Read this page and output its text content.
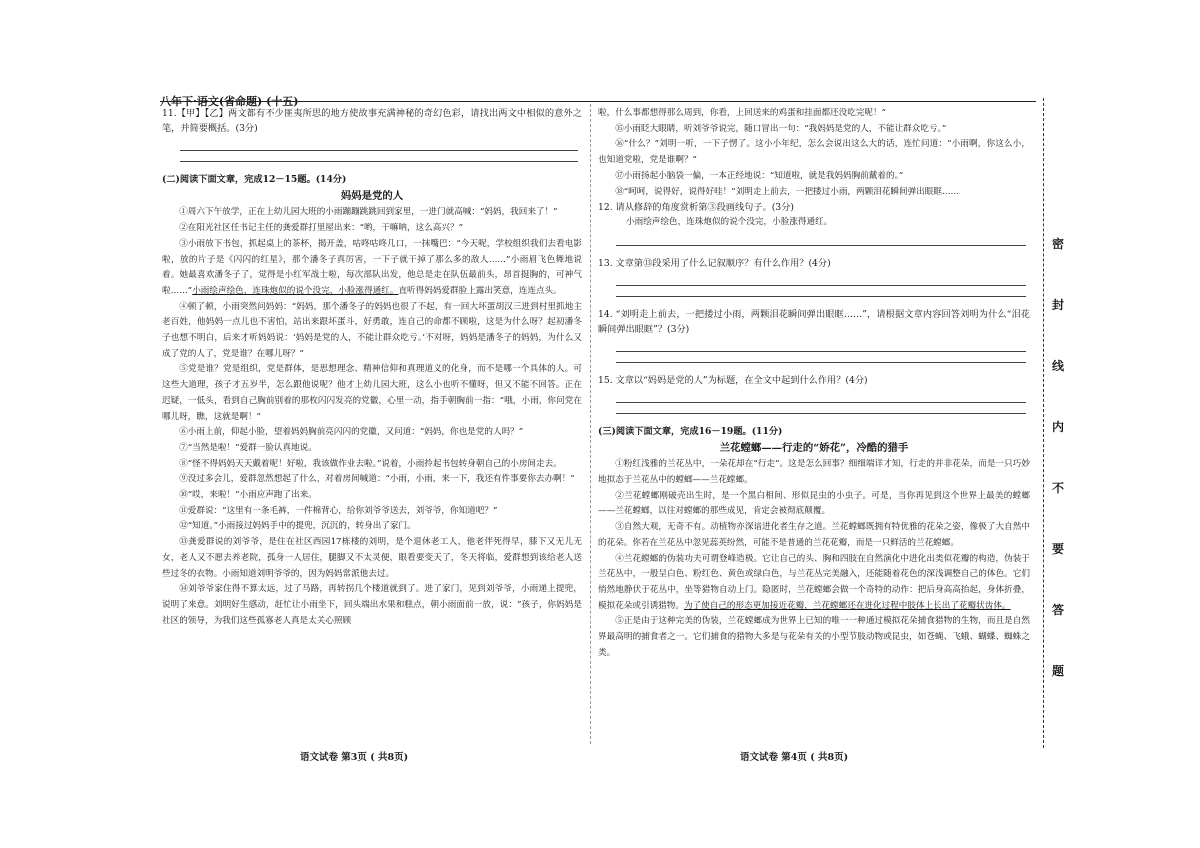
八年下·语文(省命题) (十五)

11.【甲】【乙】两文都有不少匪夷所思的地方使故事充满神秘的奇幻色彩，请找出两文中相似的意外之笔，并简要概括。(3分)

(二)阅读下面文章，完成12－15题。(14分)

妈妈是党的人

①周六下午放学，正在上幼儿园大班的小雨蹦蹦跳跳回到家里，一进门就高喊：“妈妈，我回来了！”

②在阳光社区任书记主任的龚爱群打里屋出来：“哟，干嘛呐，这么高兴？”

③小雨放下书包，抓起桌上的茶杯，揭开盖，咕咚咕咚几口，一抹嘴巴：“今天呢，学校组织我们去看电影啦，放的片子是《闪闪的红星》，那个潘冬子真厉害，一下子就干掉了那么多的敌人……”小雨眉飞色舞地说着。她最喜欢潘冬子了，觉得是小红军战士啦，每次部队出发，他总是走在队伍最前头，昂首挺胸的，可神气啦……”小雨绘声绘色，连珠炮似的说个没完，小脸涨得通红。直听得妈妈爱群脸上露出笑意，连连点头。

④顿了顿，小雨突然问妈妈：“妈妈，那个潘冬子的妈妈也很了不起，有一回大坏蛋胡汉三进到村里抓地主老百姓，他妈妈一点儿也不害怕，站出来跟坏蛋斗，好勇敢，连自己的命都不顾啦，这是为什么呀？起初潘冬子也想不明白，后来才听妈妈说：‘妈妈是党的人，不能让群众吃亏。’不对呀，妈妈是潘冬子的妈妈，为什么又成了党的人了，党是谁？在哪儿呀？”

⑤党是谁？党是组织，党是群体，是思想理念、精神信仰和真理道义的化身，而不是哪一个具体的人。可这些大道理，孩子才五岁半，怎么跟他说呢？他才上幼儿园大班，这么小也听不懂呀，但又不能不回答。正在迟疑，一低头，看到自己胸前别着的那枚闪闪发亮的党徽，心里一动，指手朝胸前一指：“哦，小雨，你问党在哪儿呀，瞧，这就是啊！”

⑥小雨上前，仰起小脸，望着妈妈胸前亮闪闪的党徽，又问道：“妈妈，你也是党的人吗？”

⑦“当然是啦！”爱群一脸认真地说。

⑧“怪不得妈妈天天戴着呢！好啦，我该做作业去啦。”说着，小雨拎起书包转身朝自己的小房间走去。

⑨没过多会儿，爱群忽然想起了什么，对着房间喊道：“小雨，小雨，来一下，我还有件事要你去办啊！”

⑩“哎，来啦！”小雨应声跑了出来。

⑪爱群说：“这里有一条毛裤，一件棉背心，给你刘爷爷送去，刘爷爷，你知道吧？”

⑫“知道。”小雨接过妈妈手中的提兜，沉沉的，转身出了家门。

⑬龚爱群说的刘爷爷，是住在社区西园17栋楼的刘明，是个退休老工人，他老伴死得早，膝下又无儿无女，老人又不愿去养老院，孤身一人居住，腿脚又不太灵便，眼看要变天了，冬天将临，爱群想到该给老人送些过冬的衣物。小雨知道刘明爷爷的，因为妈妈常派他去过。

⑭刘爷爷家住得不算太远，过了马路，再转拐几个楼道就到了。进了家门，见到刘爷爷，小雨递上提兜，说明了来意。刘明好生感动，赶忙让小雨坐下，回头端出水果和糕点，朝小雨面前一放，说：“孩子，你妈妈是社区的领导，为我们这些孤寡老人真是太关心照顾

语文试卷 第3页 ( 共8页)

啦，什么事都想得那么周到，你看，上回送来的鸡蛋和挂面都还没吃完呢！”

⑮小雨眨大眼睛，听刘爷爷说完，随口冒出一句：“我妈妈是党的人，不能让群众吃亏。”

⑯“什么？”刘明一听，一下子愣了。这小小年纪，怎么会说出这么大的话，连忙问道：“小雨啊，你这么小，也知道党啦，党是谁啊？”

⑰小雨扬起小脑袋一偏，一本正经地说：“知道啦，就是我妈妈胸前戴着的。”

⑱“呵呵，说得好，说得好哇！”刘明走上前去，一把搂过小雨，两颗泪花瞬间弹出眼眶……

12. 请从修辞的角度赏析第③段画线句子。(3分)

小雨绘声绘色，连珠炮似的说个没完，小脸涨得通红。

13. 文章第⑬段采用了什么记叙顺序？有什么作用？(4分)

14. “刘明走上前去，一把搂过小雨，两颗泪花瞬间弹出眼眶……”，请根据文章内容回答刘明为什么“泪花瞬间弹出眼眶”？(3分)

15. 文章以“妈妈是党的人”为标题，在全文中起到什么作用？(4分)

(三)阅读下面文章，完成16－19题。(11分)

兰花螳螂——行走的“娇花”，冷酷的猎手

①粉红浅雅的兰花丛中，一朵花却在“行走”。这是怎么回事？细细端详才知，行走的并非花朵，而是一只巧妙地拟态于兰花丛中的螳螂——兰花螳螂。

②兰花螳螂刚破壳出生时，是一个黑白相间、形似昆虫的小虫子。可是，当你再见到这个世界上最美的螳螂——兰花螳螂，以往对螳螂的那些成见，肯定会被彻底颠覆。

③自然大观，无奇不有。动植物亦深谙进化者生存之道。兰花螳螂既拥有特优雅的花朵之姿，像极了大自然中的花朵。你若在兰花丛中忽见蕊英纷然，可能不是普通的兰花花瓣，而是一只鲜活的兰花螳螂。

④兰花螳螂的伪装功夫可谓登峰造极。它让自己的头、胸和四肢在自然演化中进化出类似花瓣的构造，伪装于兰花丛中，一般呈白色、粉红色、黄色或绿白色，与兰花丛完美融入，还能随着花色的深浅调整自己的体色。它们悄然地静伏于花丛中，坐等猎物自动上门。隐匿时，兰花螳螂会做一个奇特的动作：把后身高高抬起，身体折叠，模拟花朵或引诱猎物。为了使自己的形态更加接近花瓣，兰花螳螂还在进化过程中肢体上长出了花瓣状齿体。

⑤正是由于这种完美的伪装，兰花螳螂成为世界上已知的唯一一种通过模拟花朵捕食猎物的生物，而且是自然界最高明的捕食者之一。它们捕食的猎物大多是与花朵有关的小型节肢动物或昆虫，如苍蝇、飞蛾、蝴蝶、蜘蛛之类。

语文试卷 第4页 ( 共8页)
密
封
线
内
不
要
答
题
